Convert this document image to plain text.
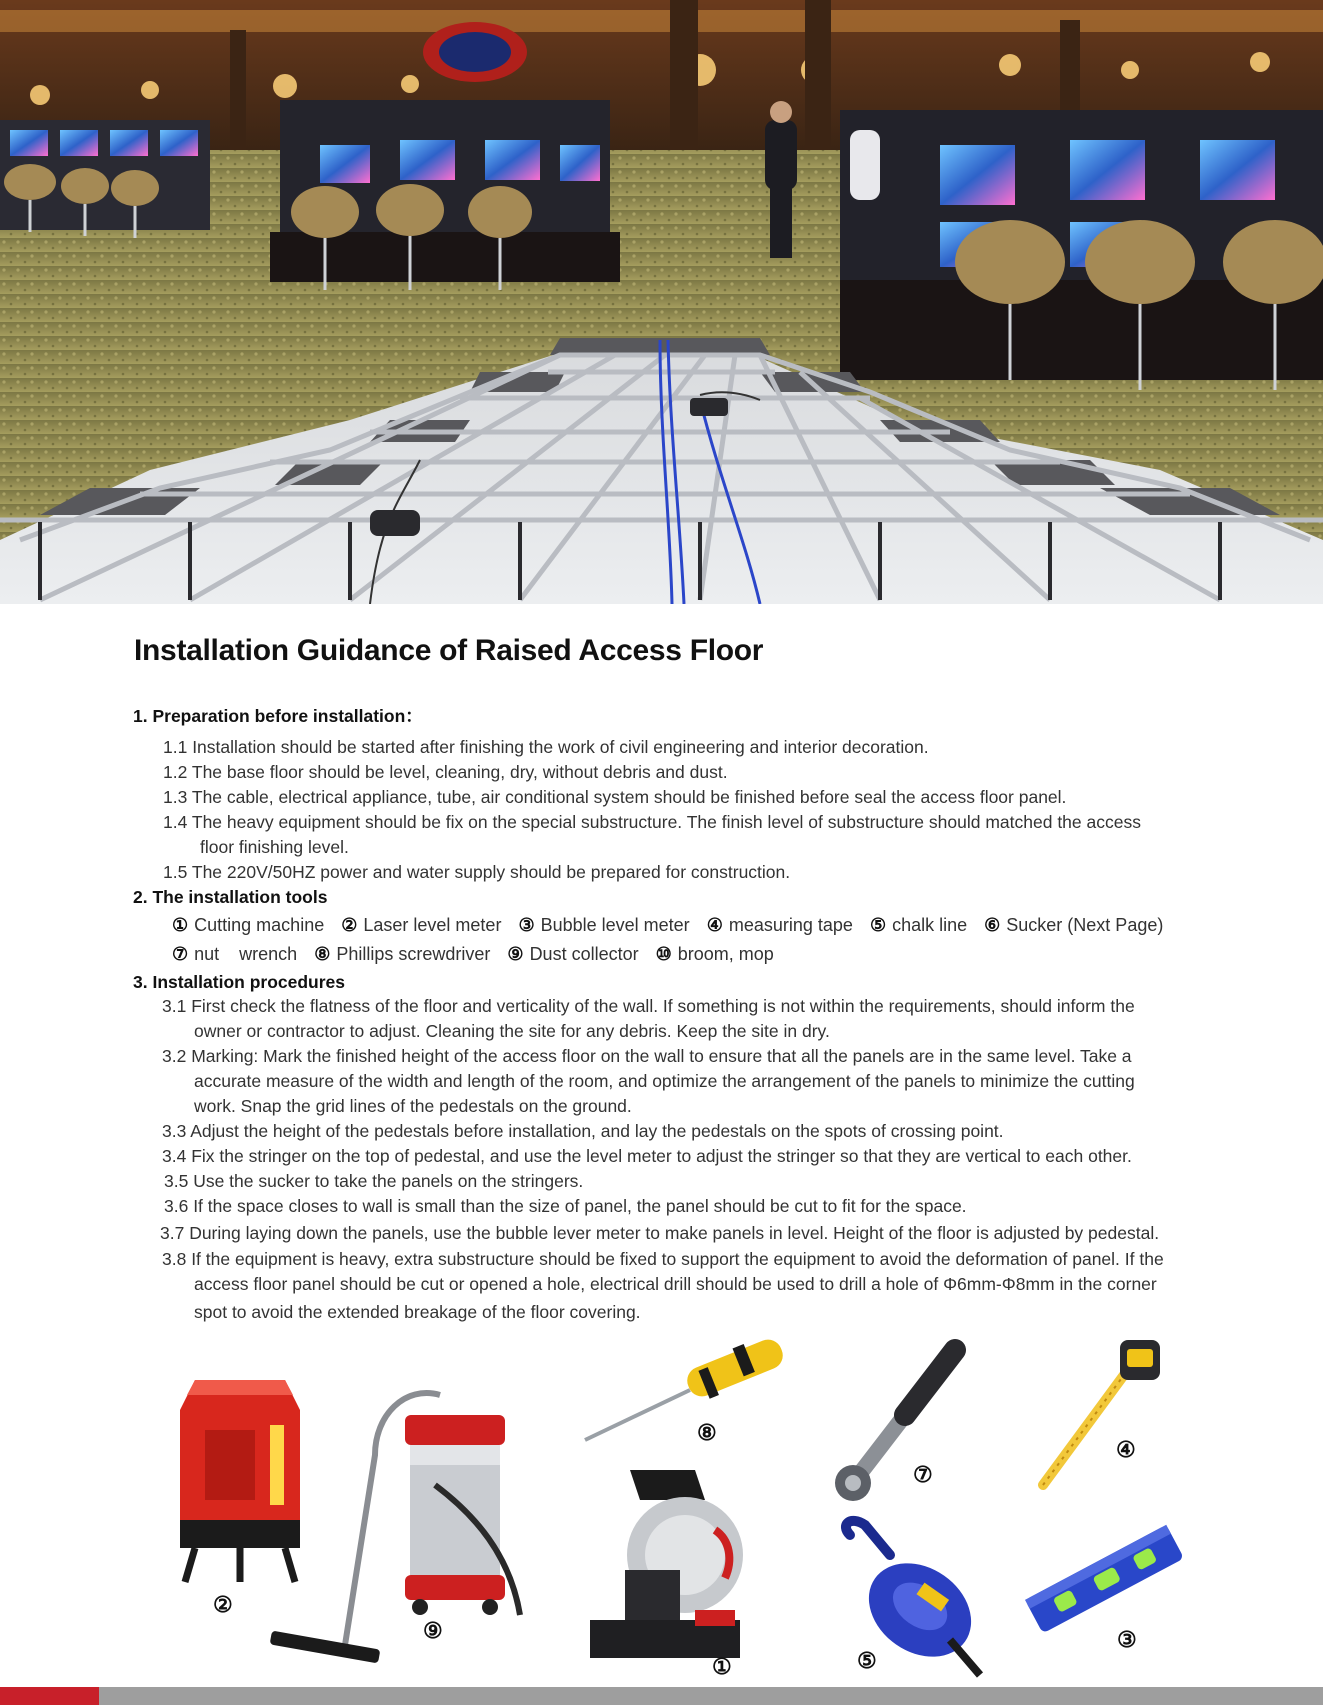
Installation Guidance of Raised Access Floor
1. Preparation before installation：
1.1 Installation should be started after finishing the work of civil engineering and interior decoration.
1.2 The base floor should be level, cleaning, dry, without debris and dust.
1.3 The cable, electrical appliance, tube, air conditional system should be finished before seal the access floor panel.
1.4 The heavy equipment should be fix on the special substructure. The finish level of substructure should matched the access
floor finishing level.
1.5 The 220V/50HZ power and water supply should be prepared for construction.
2. The installation tools
① Cutting machine ② Laser level meter ③ Bubble level meter ④ measuring tape ⑤ chalk line ⑥ Sucker (Next Page)
⑦ nut    wrench ⑧ Phillips screwdriver ⑨ Dust collector ⑩ broom, mop
3. Installation procedures
3.1 First check the flatness of the floor and verticality of the wall. If something is not within the requirements, should inform the
owner or contractor to adjust. Cleaning the site for any debris. Keep the site in dry.
3.2 Marking: Mark the finished height of the access floor on the wall to ensure that all the panels are in the same level. Take a
accurate measure of the width and length of the room, and optimize the arrangement of the panels to minimize the cutting
work. Snap the grid lines of the pedestals on the ground.
3.3 Adjust the height of the pedestals before installation, and lay the pedestals on the spots of crossing point.
3.4 Fix the stringer on the top of pedestal, and use the level meter to adjust the stringer so that they are vertical to each other.
3.5 Use the sucker to take the panels on the stringers.
3.6 If the space closes to wall is small than the size of panel, the panel should be cut to fit for the space.
3.7 During laying down the panels, use the bubble lever meter to make panels in level. Height of the floor is adjusted by pedestal.
3.8 If the equipment is heavy, extra substructure should be fixed to support the equipment to avoid the deformation of panel. If the
access floor panel should be cut or opened a hole, electrical drill should be used to drill a hole of Φ6mm-Φ8mm in the corner
spot to avoid the extended breakage of the floor covering.
②
⑨
⑧
①
⑦
⑤
④
③
